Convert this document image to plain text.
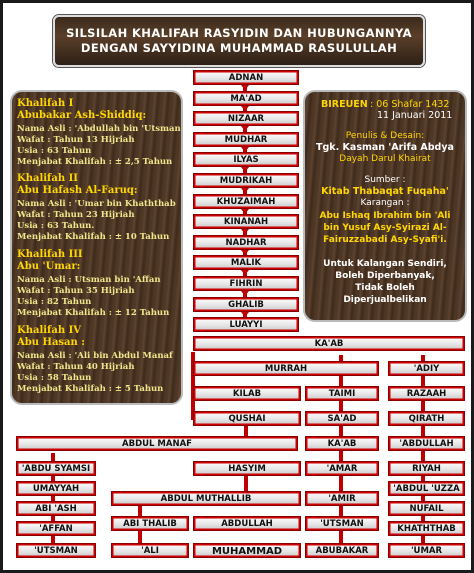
SILSILAH KHALIFAH RASYIDIN DAN HUBUNGANNYA
DENGAN SAYYIDINA MUHAMMAD RASULULLAH
Khalifah I
Abubakar Ash-Shiddiq:
Nama Asli : 'Abdullah bin 'Utsman
Wafat : Tahun 13 Hijriah
Usia : 63 Tahun
Menjabat Khalifah : ± 2,5 Tahun
Khalifah II
Abu Hafash Al-Faruq:
Nama Asli : 'Umar bin Khaththab
Wafat : Tahun 23 Hijriah
Usia : 63 Tahun.
Menjabat Khalifah : ± 10 Tahun
Khalifah III
Abu 'Umar:
Nama Asli : Utsman bin 'Affan
Wafat : Tahun 35 Hijriah
Usia : 82 Tahun
Menjabat Khalifah : ± 12 Tahun
Khalifah IV
Abu Hasan :
Nama Asli : 'Ali bin Abdul Manaf
Wafat : Tahun 40 Hijriah
Usia : 58 Tahun
Menjabat Khalifah : ± 5 Tahun
BIREUEN : 06 Shafar 1432
11 Januari 2011
Penulis & Desain:
Tgk. Kasman 'Arifa Abdya
Dayah Darul Khairat
Sumber :
Kitab Thabaqat Fuqaha'
Karangan :
Abu Ishaq Ibrahim bin 'Ali
bin Yusuf Asy-Syirazi Al-
Fairuzzabadi Asy-Syafi'i.
Untuk Kalangan Sendiri,
Boleh Diperbanyak,
Tidak Boleh
Diperjualbelikan
ADNAN
MA'AD
NIZAAR
MUDHAR
ILYAS
MUDRIKAH
KHUZAIMAH
KINANAH
NADHAR
MALIK
FIHRIN
GHALIB
LUAYYI
KA'AB
MURRAH	'ADIY
KILAB	TAIMI	RAZAAH
QUSHAI	SA'AD	QIRATH
ABDUL MANAF	KA'AB	'ABDULLAH
'ABDU SYAMSI	HASYIM	'AMAR	RIYAH
UMAYYAH	'ABDUL 'UZZA
ABDUL MUTHALLIB	'AMIR
ABI 'ASH	NUFAIL
ABI THALIB	ABDULLAH	'UTSMAN	KHATHTHAB
'AFFAN
'UTSMAN	'ALI	MUHAMMAD	ABUBAKAR	'UMAR
